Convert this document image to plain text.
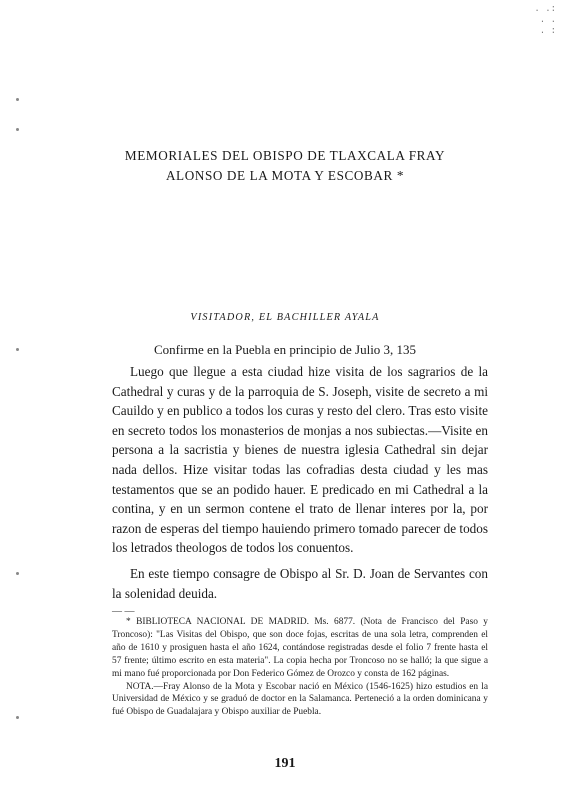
. .:
. .
. :
MEMORIALES DEL OBISPO DE TLAXCALA FRAY
ALONSO DE LA MOTA Y ESCOBAR *
VISITADOR, EL BACHILLER AYALA
Confirme en la Puebla en principio de Julio 3, 135

Luego que llegue a esta ciudad hize visita de los sagrarios de la Cathedral y curas y de la parroquia de S. Joseph, visite de secreto a mi Cauildo y en publico a todos los curas y resto del clero. Tras esto visite en secreto todos los monasterios de monjas a nos subiectas.—Visite en persona a la sacristia y bienes de nuestra iglesia Cathedral sin dejar nada dellos. Hize visitar todas las cofradias desta ciudad y les mas testamentos que se an podido hauer. E predicado en mi Cathedral a la contina, y en un sermon contene el trato de llenar interes por la, por razon de esperas del tiempo hauiendo primero tomado parecer de todos los letrados theologos de todos los conuentos.

En este tiempo consagre de Obispo al Sr. D. Joan de Servantes con la solenidad deuida.

— —

* BIBLIOTECA NACIONAL DE MADRID. Ms. 6877. (Nota de Francisco del Paso y Troncoso): "Las Visitas del Obispo, que son doce fojas, escritas de una sola letra, comprenden el año de 1610 y prosiguen hasta el año 1624, contándose registradas desde el folio 7 frente hasta el 57 frente; último escrito en esta materia". La copia hecha por Troncoso no se halló; la que sigue a mi mano fué proporcionada por Don Federico Gómez de Orozco y consta de 162 páginas.

NOTA.—Fray Alonso de la Mota y Escobar nació en México (1546-1625) hizo estudios en la Universidad de México y se graduó de doctor en la Salamanca. Perteneció a la orden dominicana y fué Obispo de Guadalajara y Obispo auxiliar de Puebla.

191
